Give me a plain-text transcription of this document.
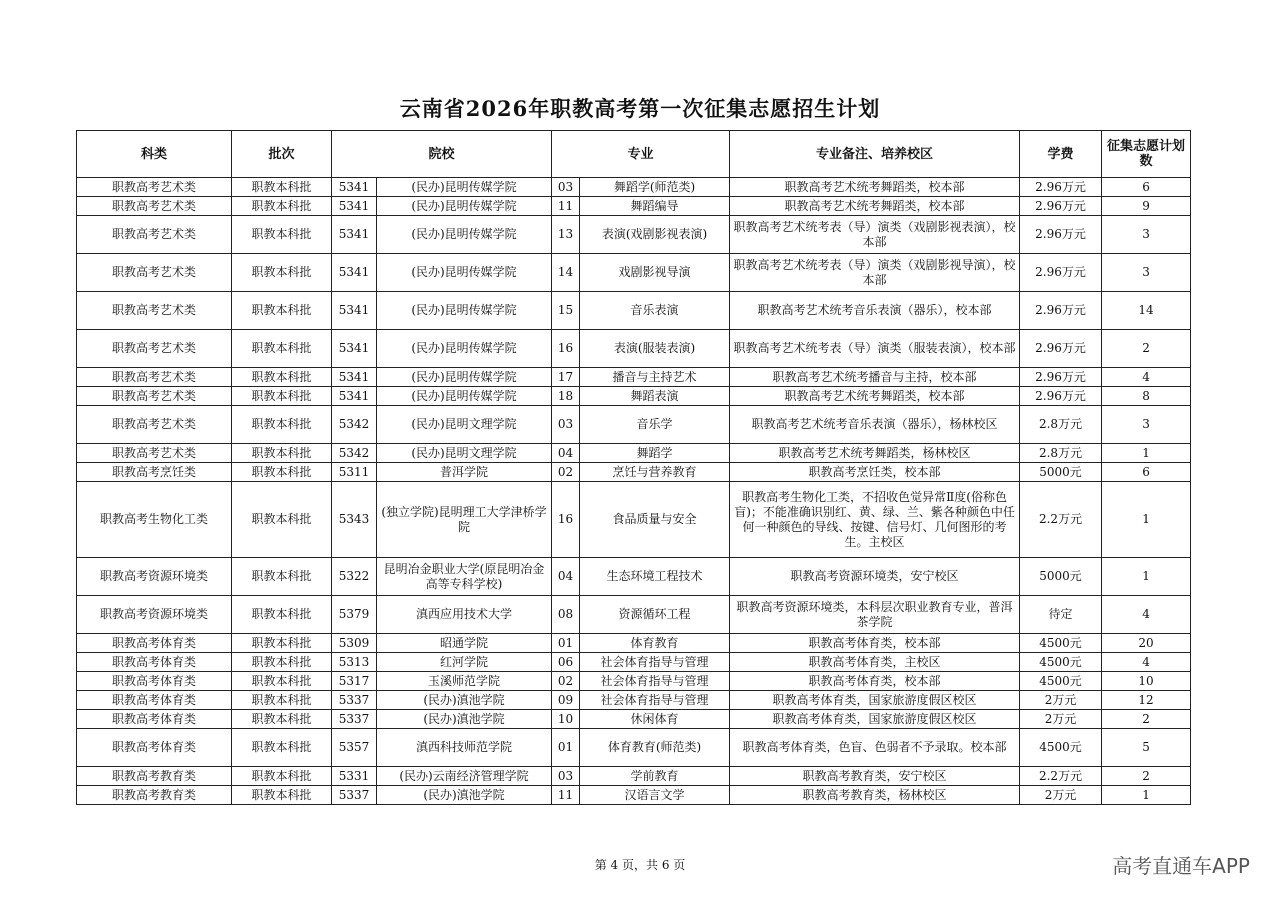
云南省2026年职教高考第一次征集志愿招生计划
科类	批次	院校		专业		专业备注、培养校区	学费	征集志愿计划数
职教高考艺术类	职教本科批	5341	(民办)昆明传媒学院	03	舞蹈学(师范类)	职教高考艺术统考舞蹈类，校本部	2.96万元	6
职教高考艺术类	职教本科批	5341	(民办)昆明传媒学院	11	舞蹈编导	职教高考艺术统考舞蹈类，校本部	2.96万元	9
职教高考艺术类	职教本科批	5341	(民办)昆明传媒学院	13	表演(戏剧影视表演)	职教高考艺术统考表（导）演类（戏剧影视表演），校本部	2.96万元	3
职教高考艺术类	职教本科批	5341	(民办)昆明传媒学院	14	戏剧影视导演	职教高考艺术统考表（导）演类（戏剧影视导演），校本部	2.96万元	3
职教高考艺术类	职教本科批	5341	(民办)昆明传媒学院	15	音乐表演	职教高考艺术统考音乐表演（器乐），校本部	2.96万元	14
职教高考艺术类	职教本科批	5341	(民办)昆明传媒学院	16	表演(服装表演)	职教高考艺术统考表（导）演类（服装表演），校本部	2.96万元	2
职教高考艺术类	职教本科批	5341	(民办)昆明传媒学院	17	播音与主持艺术	职教高考艺术统考播音与主持，校本部	2.96万元	4
职教高考艺术类	职教本科批	5341	(民办)昆明传媒学院	18	舞蹈表演	职教高考艺术统考舞蹈类，校本部	2.96万元	8
职教高考艺术类	职教本科批	5342	(民办)昆明文理学院	03	音乐学	职教高考艺术统考音乐表演（器乐），杨林校区	2.8万元	3
职教高考艺术类	职教本科批	5342	(民办)昆明文理学院	04	舞蹈学	职教高考艺术统考舞蹈类，杨林校区	2.8万元	1
职教高考烹饪类	职教本科批	5311	普洱学院	02	烹饪与营养教育	职教高考烹饪类，校本部	5000元	6
职教高考生物化工类	职教本科批	5343	(独立学院)昆明理工大学津桥学院	16	食品质量与安全	职教高考生物化工类，不招收色觉异常Ⅱ度(俗称色盲)；不能准确识别红、黄、绿、兰、紫各种颜色中任何一种颜色的导线、按键、信号灯、几何图形的考生。主校区	2.2万元	1
职教高考资源环境类	职教本科批	5322	昆明冶金职业大学(原昆明冶金高等专科学校)	04	生态环境工程技术	职教高考资源环境类，安宁校区	5000元	1
职教高考资源环境类	职教本科批	5379	滇西应用技术大学	08	资源循环工程	职教高考资源环境类，本科层次职业教育专业，普洱茶学院	待定	4
职教高考体育类	职教本科批	5309	昭通学院	01	体育教育	职教高考体育类，校本部	4500元	20
职教高考体育类	职教本科批	5313	红河学院	06	社会体育指导与管理	职教高考体育类，主校区	4500元	4
职教高考体育类	职教本科批	5317	玉溪师范学院	02	社会体育指导与管理	职教高考体育类，校本部	4500元	10
职教高考体育类	职教本科批	5337	(民办)滇池学院	09	社会体育指导与管理	职教高考体育类，国家旅游度假区校区	2万元	12
职教高考体育类	职教本科批	5337	(民办)滇池学院	10	休闲体育	职教高考体育类，国家旅游度假区校区	2万元	2
职教高考体育类	职教本科批	5357	滇西科技师范学院	01	体育教育(师范类)	职教高考体育类，色盲、色弱者不予录取。校本部	4500元	5
职教高考教育类	职教本科批	5331	(民办)云南经济管理学院	03	学前教育	职教高考教育类，安宁校区	2.2万元	2
职教高考教育类	职教本科批	5337	(民办)滇池学院	11	汉语言文学	职教高考教育类，杨林校区	2万元	1
第 4 页，共 6 页	高考直通车APP
